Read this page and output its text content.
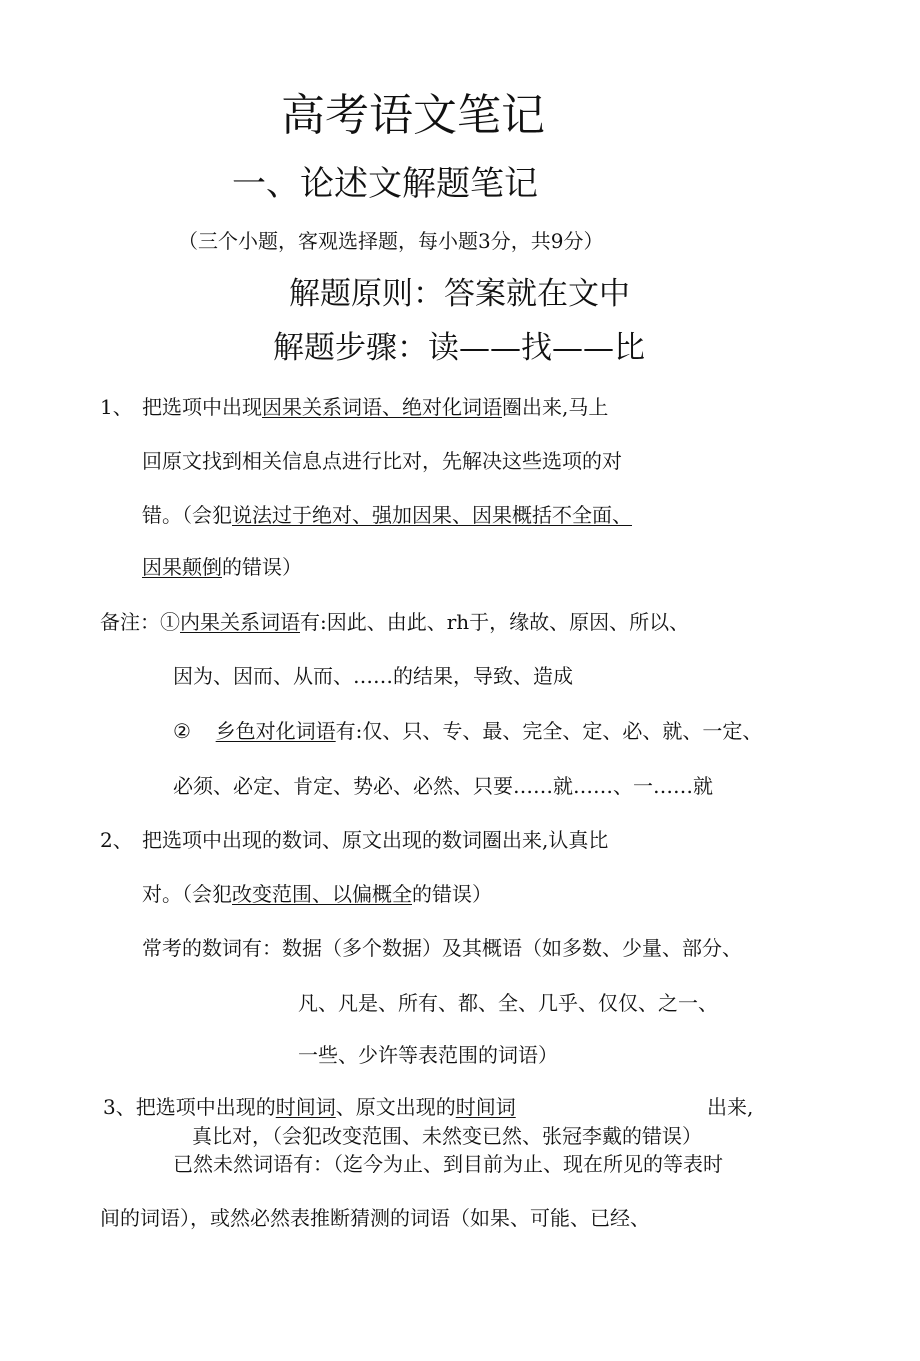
高考语文笔记
一、论述文解题笔记
（三个小题，客观选择题，每小题3分，共9分）
解题原则：答案就在文中
解题步骤：读——找——比
1、 把选项中出现因果关系词语、绝对化词语圈出来,马上
回原文找到相关信息点进行比对，先解决这些选项的对
错。（会犯说法过于绝对、强加因果、因果概括不全面、
因果颠倒的错误）
备注：①内果关系词语有:因此、由此、rh于，缘故、原因、所以、
因为、因而、从而、……的结果，导致、造成
②  乡色对化词语有:仅、只、专、最、完全、定、必、就、一定、
必须、必定、肯定、势必、必然、只要……就……、一……就
2、 把选项中出现的数词、原文出现的数词圈出来,认真比
对。（会犯改变范围、以偏概全的错误）
常考的数词有：数据（多个数据）及其概语（如多数、少量、部分、
凡、凡是、所有、都、全、几乎、仅仅、之一、
一些、少许等表范围的词语）
3、把选项中出现的时间词、原文出现的时间词	出来,
真比对，（会犯改变范围、未然变已然、张冠李戴的错误）
已然未然词语有：（迄今为止、到目前为止、现在所见的等表时
间的词语），或然必然表推断猜测的词语（如果、可能、已经、
